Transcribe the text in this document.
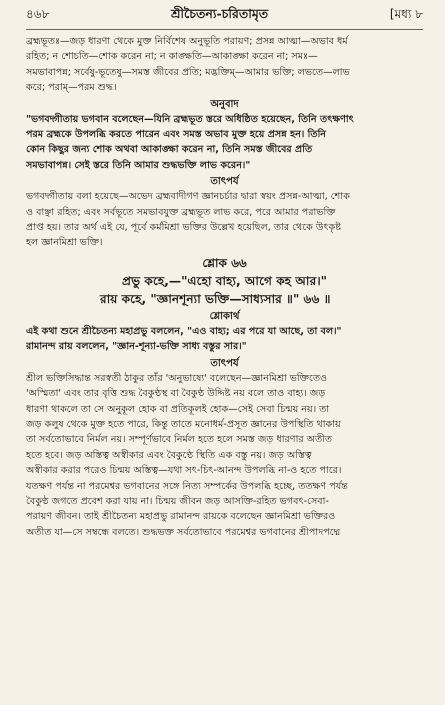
৪৬৮	শ্রীচৈতন্য-চরিতামৃত	[মধ্য ৮

ব্রহ্মভূতঃ—জড় ধারণা থেকে মুক্ত নির্বিশেষ অনুভূতি পরায়ণ; প্রসন্ন আত্মা—অভাব ধর্ম

রহিত; ন শোচতি—শোক করেন না; ন কাঙ্ক্ষতি—আকাঙ্ক্ষা করেন না; সমঃ—

সমভাবাপন্ন; সর্বেষু-ভূতেষু—সমস্ত জীবের প্রতি; মদ্ভক্তিম্—আমার ভক্তি; লভতে—লাভ

করে; পরাম্—পরম শুদ্ধ।

অনুবাদ

"ভগবদ্গীতায় ভগবান বলেছেন—যিনি ব্রহ্মভূত স্তরে অধিষ্ঠিত হয়েছেন, তিনি তৎক্ষণাৎ

পরম ব্রহ্মকে উপলব্ধি করতে পারেন এবং সমস্ত অভাব মুক্ত হয়ে প্রসন্ন হন। তিনি

কোন কিছুর জন্য শোক অথবা আকাঙ্ক্ষা করেন না, তিনি সমস্ত জীবের প্রতি

সমভাবাপন্ন। সেই স্তরে তিনি আমার শুদ্ধভক্তি লাভ করেন।"

তাৎপর্য

ভগবদ্গীতায় বলা হয়েছে—অভেদ ব্রহ্মবাদীগণ জ্ঞানচর্চার দ্বারা স্বয়ং প্রসন্ন-আত্মা, শোক

ও বাঞ্ছা রহিত; এবং সর্বভূতে সমভাবযুক্ত ব্রহ্মভূত লাভ করে, পরে আমার পরাভক্তি

প্রাপ্ত হয়। তার অর্থ এই যে, পূর্বে কর্মমিশ্রা ভক্তির উল্লেখ হয়েছিল, তার থেকে উৎকৃষ্ট

হল জ্ঞানমিশ্রা ভক্তি।

শ্লোক ৬৬

প্রভু কহে,—"এহো বাহ্য, আগে কহ আর।"

রায় কহে, "জ্ঞানশূন্যা ভক্তি—সাধ্যসার ॥" ৬৬ ॥

শ্লোকার্থ

এই কথা শুনে শ্রীচৈতন্য মহাপ্রভু বললেন, "এও বাহ্য; এর পরে যা আছে, তা বল।"

রামানন্দ রায় বললেন, "জ্ঞান-শূন্যা-ভক্তি সাধ্য বস্তুর সার।"

তাৎপর্য

শ্রীল ভক্তিসিদ্ধান্ত সরস্বতী ঠাকুর তাঁর 'অনুভাষ্যে' বলেছেন—জ্ঞানমিশ্রা ভক্তিতেও

'অস্মিতা' এবং তার বৃত্তি শুদ্ধ বৈকুণ্ঠস্থ বা বৈকুণ্ঠ উদ্দিষ্ট নয় বলে তাও বাহ্য। জড়

ধারণা থাকলে তা সে অনুকূল হোক বা প্রতিকূলই হোক—সেই সেবা চিন্ময় নয়। তা

জড় কলুষ থেকে মুক্ত হতে পারে, কিন্তু তাতে মনোধর্ম-প্রসূত জ্ঞানের উপস্থিতি থাকায়

তা সর্বতোভাবে নির্মল নয়। সম্পূর্ণভাবে নির্মল হতে হলে সমস্ত জড় ধারণার অতীত

হতে হবে। জড় অস্তিত্ব অস্বীকার এবং বৈকুণ্ঠে স্থিতি এক বস্তু নয়। জড় অস্তিত্ব

অস্বীকার করার পরেও চিন্ময় অস্তিত্ব—যথা সৎ-চিৎ-আনন্দ উপলব্ধি না-ও হতে পারে।

যতক্ষণ পর্যন্ত না পরমেশ্বর ভগবানের সঙ্গে নিত্য সম্পর্কের উপলব্ধি হচ্ছে, ততক্ষণ পর্যন্ত

বৈকুণ্ঠ জগতে প্রবেশ করা যায় না। চিন্ময় জীবন জড় আসক্তি-রহিত ভগবৎ-সেবা-

পরায়ণ জীবন। তাই শ্রীচৈতন্য মহাপ্রভু রামানন্দ রায়কে বলেছেন জ্ঞানমিশ্রা ভক্তিরও

অতীত যা—সে সম্বন্ধে বলতে। শুদ্ধভক্ত সর্বতোভাবে পরমেশ্বর ভগবানের শ্রীপাদপদ্মে
